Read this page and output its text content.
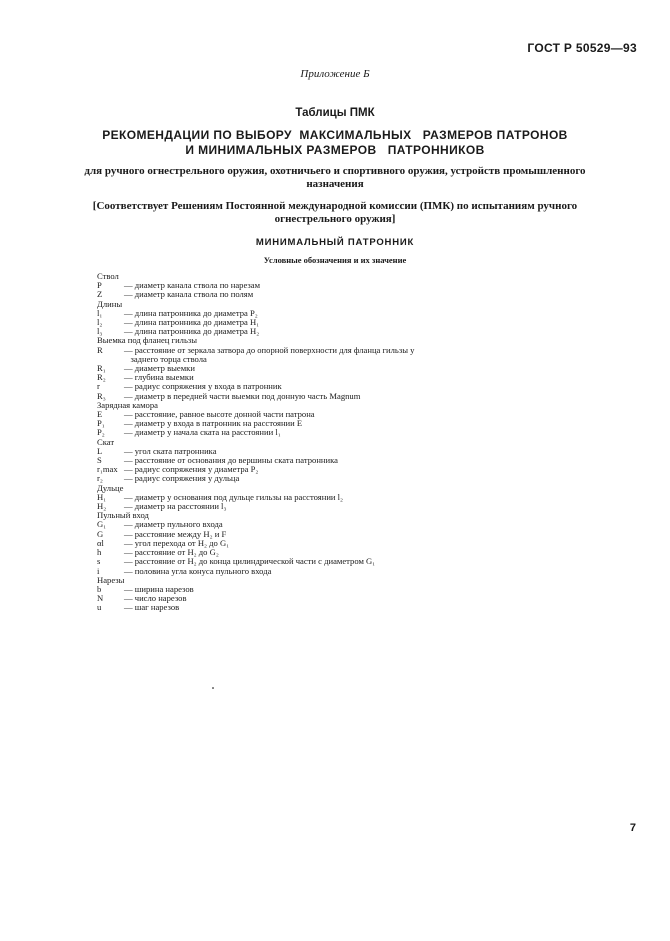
ГОСТ Р 50529—93
Приложение Б
Таблицы ПМК
РЕКОМЕНДАЦИИ ПО ВЫБОРУ  МАКСИМАЛЬНЫХ   РАЗМЕРОВ ПАТРОНОВ
И МИНИМАЛЬНЫХ РАЗМЕРОВ   ПАТРОННИКОВ
для ручного огнестрельного оружия, охотничьего и спортивного оружия, устройств промышленного назначения
[Соответствует Решениям Постоянной международной комиссии (ПМК) по испытаниям ручного огнестрельного оружия]
МИНИМАЛЬНЫЙ ПАТРОННИК
Условные обозначения и их значение
Ствол
P	— диаметр канала ствола по нарезам
Z	— диаметр канала ствола по полям
Длины
l₁	— длина патронника до диаметра P₂
l₂	— длина патронника до диаметра H₁
l₃	— длина патронника до диаметра H₂
Выемка под фланец гильзы
R	— расстояние от зеркала затвора до опорной поверхности для фланца гильзы у
заднего торца ствола
R₁	— диаметр выемки
R₂	— глубина выемки
r	— радиус сопряжения у входа в патронник
R₃	— диаметр в передней части выемки под донную часть Magnum
Зарядная камора
E	— расстояние, равное высоте донной части патрона
P₁	— диаметр у входа в патронник на расстоянии E
P₂	— диаметр у начала ската на расстоянии l₁
Скат
L	— угол ската патронника
S	— расстояние от основания до вершины ската патронника
r₁max — радиус сопряжения у диаметра P₂
r₂	— радиус сопряжения у дульца
Дульце
H₁	— диаметр у основания под дульце гильзы на расстоянии l₂
H₂	— диаметр на расстоянии l₃
Пульный вход
G₁	— диаметр пульного входа
G	— расстояние между H₂ и F
αl	— угол перехода от H₂ до G₁
h	— расстояние от H₂ до G₂
s	— расстояние от H₂ до конца цилиндрической части с диаметром G₁
i	— половина угла конуса пульного входа
Нарезы
b	— ширина нарезов
N	— число нарезов
u	— шаг нарезов
7
